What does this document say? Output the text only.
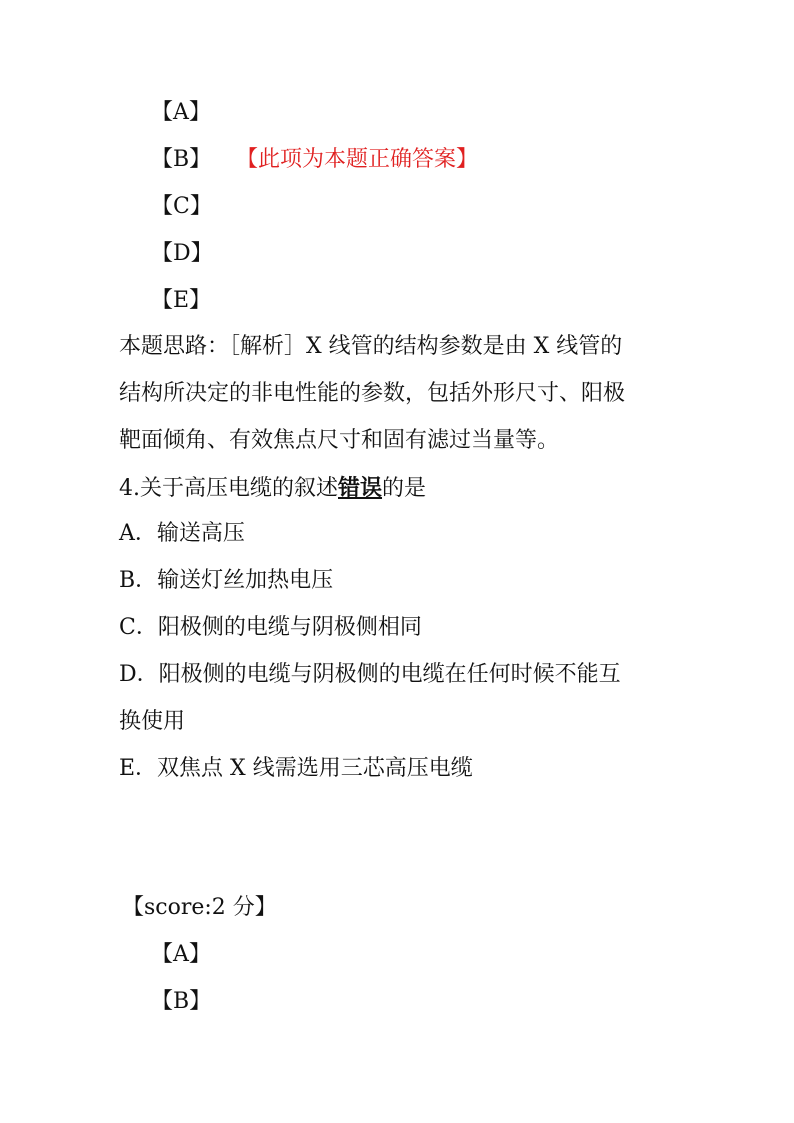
【A】
【B】 【此项为本题正确答案】
【C】
【D】
【E】
本题思路：［解析］X 线管的结构参数是由 X 线管的
结构所决定的非电性能的参数，包括外形尺寸、阳极
靶面倾角、有效焦点尺寸和固有滤过当量等。
4.关于高压电缆的叙述错误的是
A．输送高压
B．输送灯丝加热电压
C．阳极侧的电缆与阴极侧相同
D．阳极侧的电缆与阴极侧的电缆在任何时候不能互
换使用
E．双焦点 X 线需选用三芯高压电缆
【score:2 分】
【A】
【B】
